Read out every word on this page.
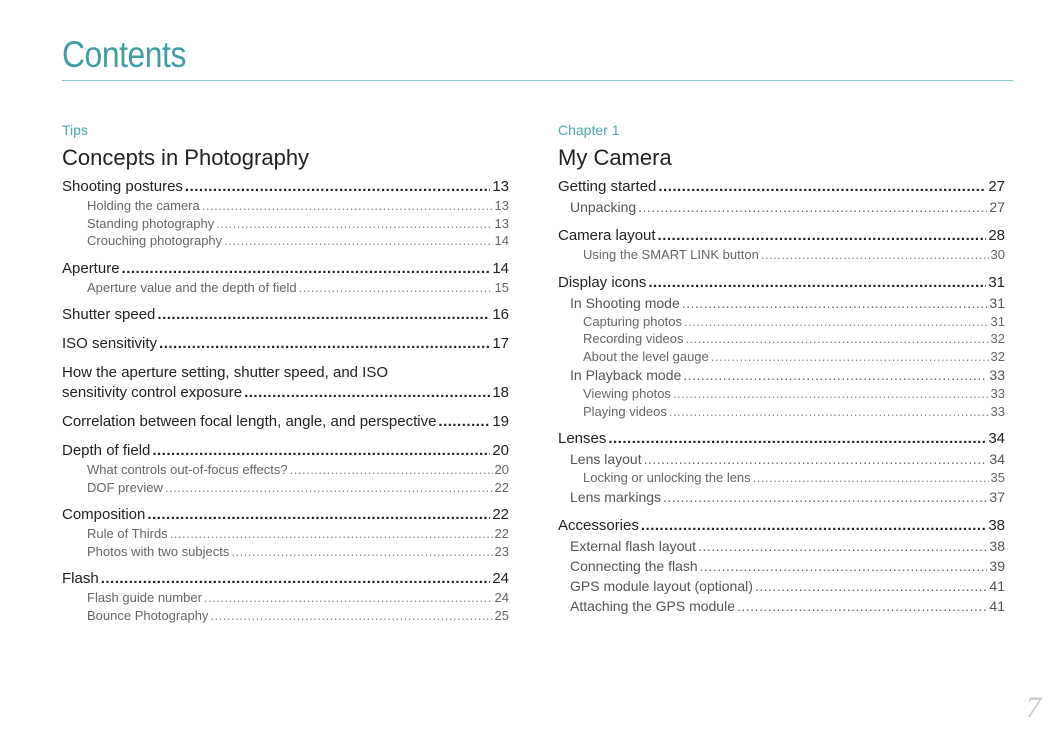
Contents
Tips
Concepts in Photography
Shooting postures .....	13
Holding the camera .....	13
Standing photography .....	13
Crouching photography .....	14
Aperture .....	14
Aperture value and the depth of field .....	15
Shutter speed .....	16
ISO sensitivity .....	17
How the aperture setting, shutter speed, and ISO
sensitivity control exposure .....	18
Correlation between focal length, angle, and perspective .....	19
Depth of field .....	20
What controls out-of-focus effects? .....	20
DOF preview .....	22
Composition .....	22
Rule of Thirds .....	22
Photos with two subjects .....	23
Flash .....	24
Flash guide number .....	24
Bounce Photography .....	25
Chapter 1
My Camera
Getting started .....	27
Unpacking .....	27
Camera layout .....	28
Using the SMART LINK button .....	30
Display icons .....	31
In Shooting mode .....	31
Capturing photos .....	31
Recording videos .....	32
About the level gauge .....	32
In Playback mode .....	33
Viewing photos .....	33
Playing videos .....	33
Lenses .....	34
Lens layout .....	34
Locking or unlocking the lens .....	35
Lens markings .....	37
Accessories .....	38
External flash layout .....	38
Connecting the flash .....	39
GPS module layout (optional) .....	41
Attaching the GPS module .....	41
7
